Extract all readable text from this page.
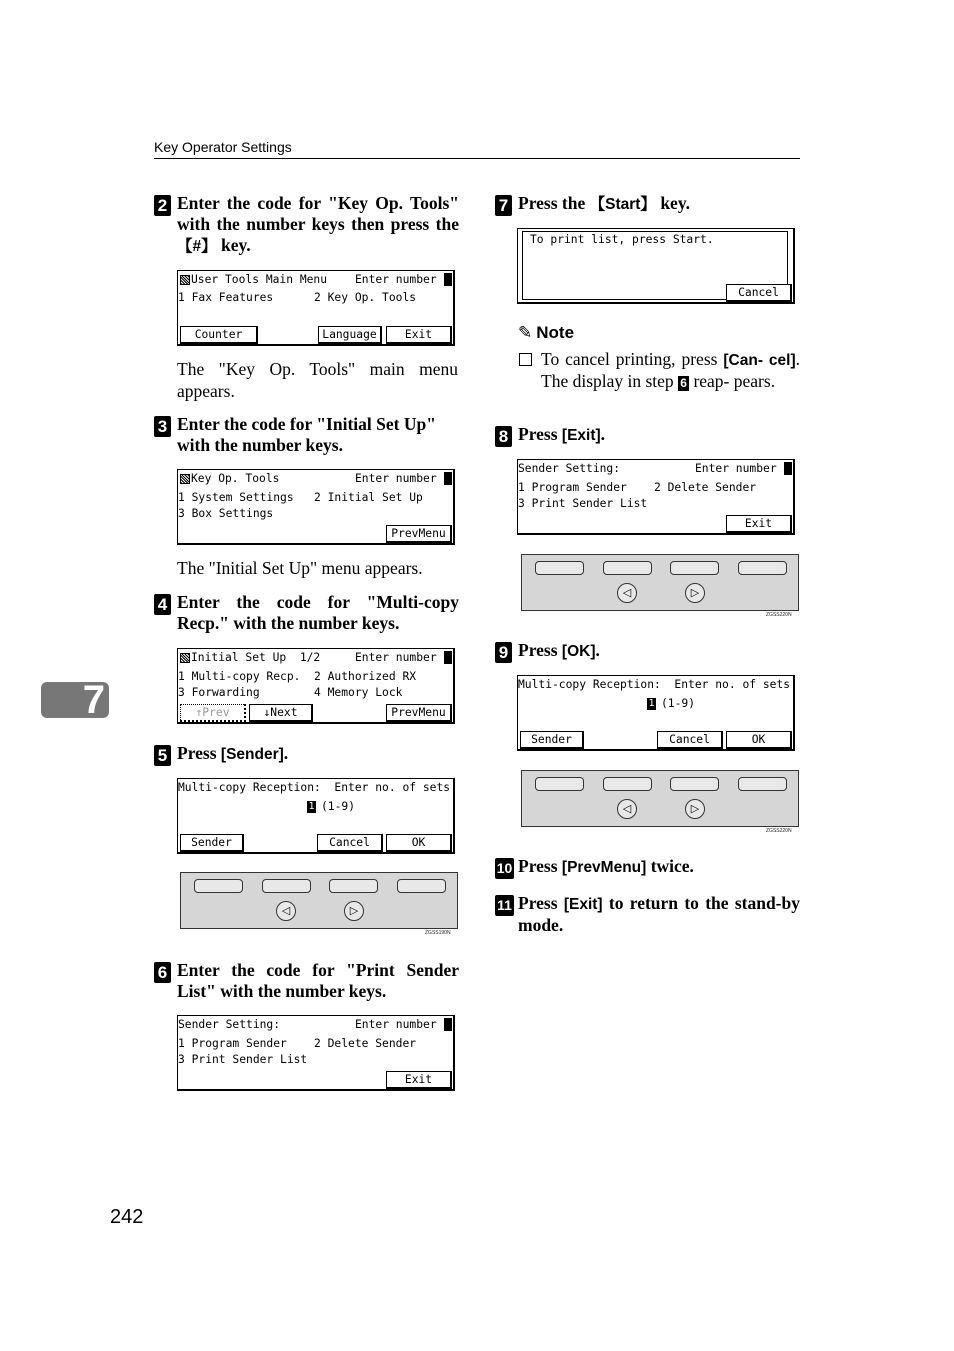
Key Operator Settings
7
242
2 Enter the code for "Key Op. Tools" with the number keys then press the 【#】 key.
User Tools Main Menu Enter number
1 Fax Features      2 Key Op. Tools
Counter	Language	Exit
The "Key Op. Tools" main menu appears.
3 Enter the code for "Initial Set Up" with the number keys.
Key Op. Tools	Enter number
1 System Settings   2 Initial Set Up
3 Box Settings
PrevMenu
The "Initial Set Up" menu appears.
4 Enter the code for "Multi-copy Recp." with the number keys.
Initial Set Up  1/2	Enter number
1 Multi-copy Recp.  2 Authorized RX
3 Forwarding        4 Memory Lock
↑Prev	↓Next	PrevMenu
5 Press [Sender].
Multi-copy Reception:  Enter no. of sets
1 (1-9)
Sender	Cancel	OK
◁	▷
ZGSS190N
6 Enter the code for "Print Sender List" with the number keys.
Sender Setting:	Enter number
1 Program Sender    2 Delete Sender
3 Print Sender List
Exit
7 Press the 【Start】 key.
To print list, press Start.
Cancel
✎ Note
To cancel printing, press [Can- cel]. The display in step 6 reap- pears.
8 Press [Exit].
Sender Setting:	Enter number
1 Program Sender    2 Delete Sender
3 Print Sender List
Exit
◁	▷
ZGSS220N
9 Press [OK].
Multi-copy Reception:  Enter no. of sets
1 (1-9)
Sender	Cancel	OK
◁	▷
ZGSS220N
10 Press [PrevMenu] twice.
11 Press [Exit] to return to the stand-by mode.
